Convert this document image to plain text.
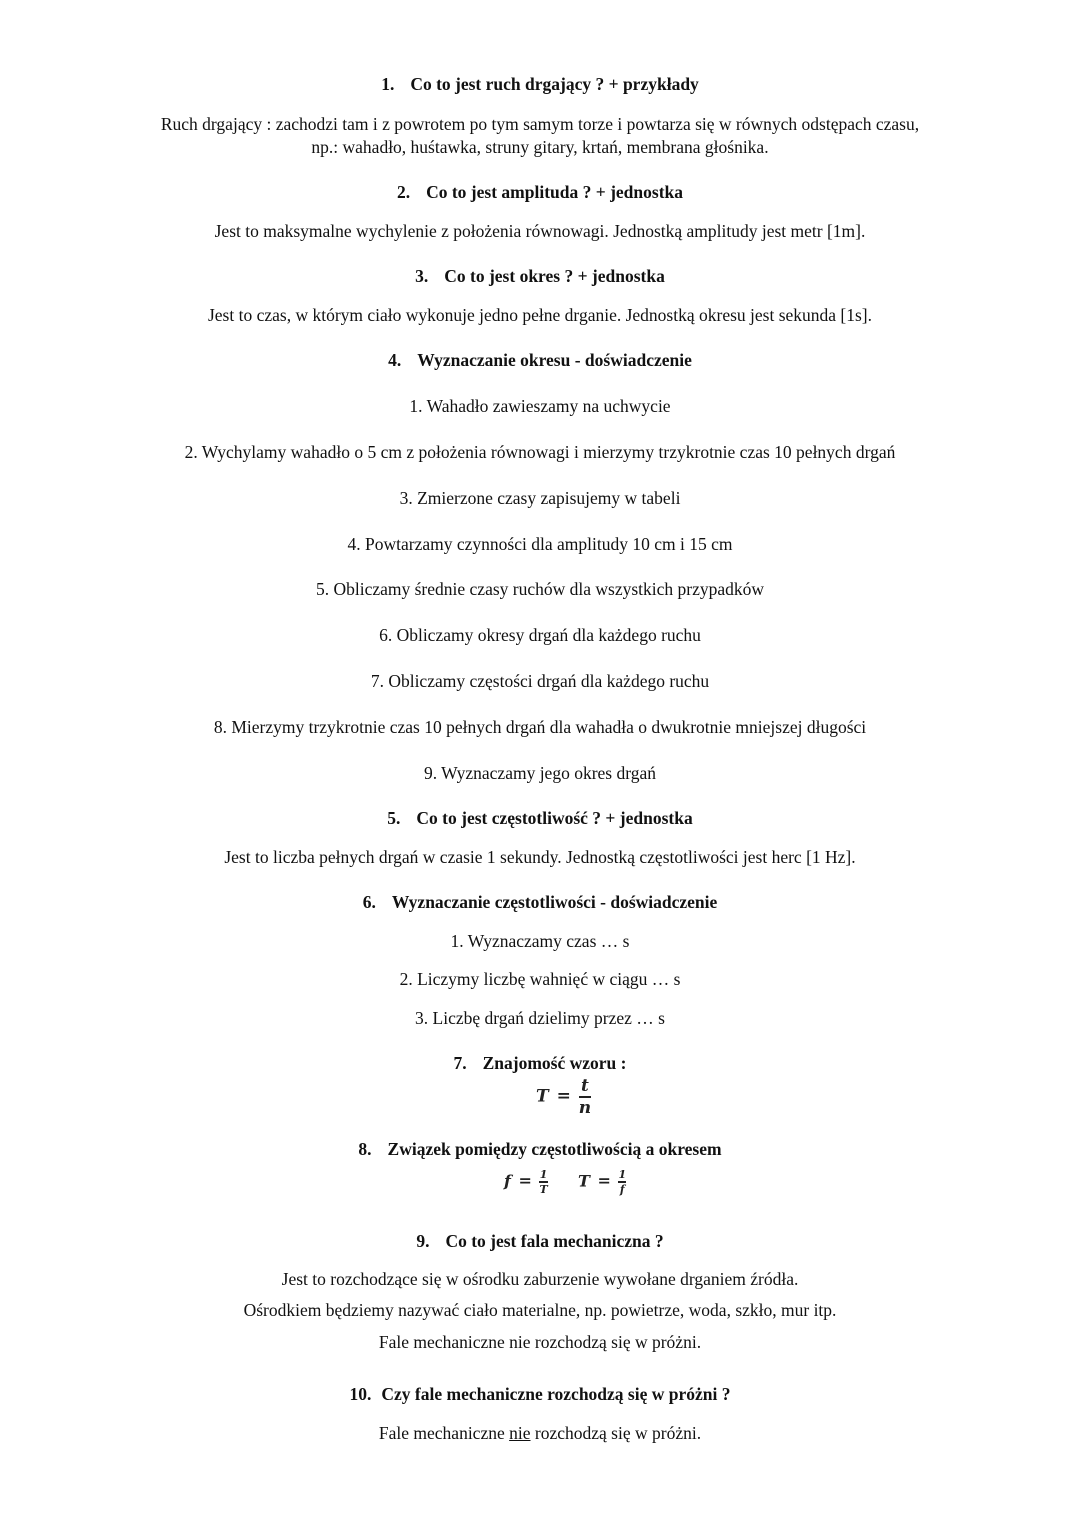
1. Co to jest ruch drgający ? + przykłady
Ruch drgający : zachodzi tam i z powrotem po tym samym torze i powtarza się w równych odstępach czasu,
np.: wahadło, huśtawka, struny gitary, krtań, membrana głośnika.
2. Co to jest amplituda ? + jednostka
Jest to maksymalne wychylenie z położenia równowagi. Jednostką amplitudy jest metr [1m].
3. Co to jest okres ? + jednostka
Jest to czas, w którym ciało wykonuje jedno pełne drganie. Jednostką okresu jest sekunda [1s].
4. Wyznaczanie okresu - doświadczenie
1. Wahadło zawieszamy na uchwycie
2. Wychylamy wahadło o 5 cm z położenia równowagi i mierzymy trzykrotnie czas 10 pełnych drgań
3. Zmierzone czasy zapisujemy w tabeli
4. Powtarzamy czynności dla amplitudy 10 cm i 15 cm
5. Obliczamy średnie czasy ruchów dla wszystkich przypadków
6. Obliczamy okresy drgań dla każdego ruchu
7. Obliczamy częstości drgań dla każdego ruchu
8. Mierzymy trzykrotnie czas 10 pełnych drgań dla wahadła o dwukrotnie mniejszej długości
9. Wyznaczamy jego okres drgań
5. Co to jest częstotliwość ? + jednostka
Jest to liczba pełnych drgań w czasie 1 sekundy. Jednostką częstotliwości jest herc [1 Hz].
6. Wyznaczanie częstotliwości - doświadczenie
1. Wyznaczamy czas … s
2. Liczymy liczbę wahnięć w ciągu … s
3. Liczbę drgań dzielimy przez … s
7. Znajomość wzoru :
$T = \frac{t}{n}$
8. Związek pomiędzy częstotliwością a okresem
$f = \frac{1}{T}$ $T = \frac{1}{f}$
9. Co to jest fala mechaniczna ?
Jest to rozchodzące się w ośrodku zaburzenie wywołane drganiem źródła.
Ośrodkiem będziemy nazywać ciało materialne, np. powietrze, woda, szkło, mur itp.
Fale mechaniczne nie rozchodzą się w próżni.
10. Czy fale mechaniczne rozchodzą się w próżni ?
Fale mechaniczne nie rozchodzą się w próżni.
